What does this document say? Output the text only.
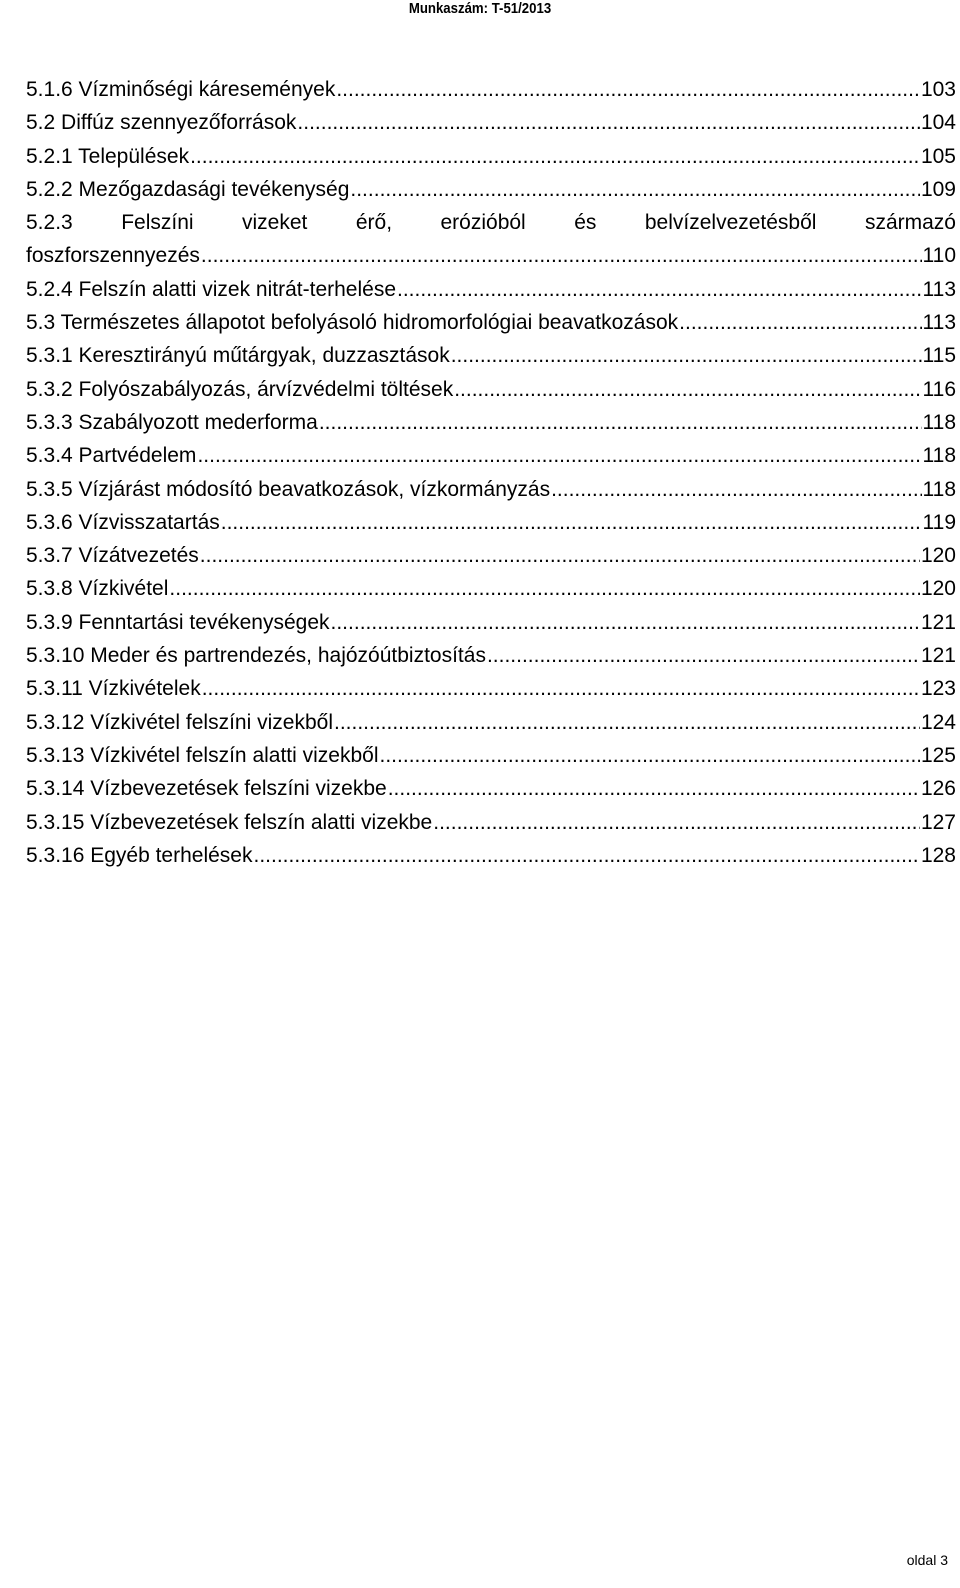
Munkaszám: T-51/2013
5.1.6 Vízminőségi káresemények .....	103
5.2 Diffúz szennyezőforrások .....	104
5.2.1 Települések .....	105
5.2.2 Mezőgazdasági tevékenység .....	109
5.2.3 Felszíni vizeket érő, erózióból és belvízelvezetésből származó
foszforszennyezés .....	110
5.2.4 Felszín alatti vizek nitrát-terhelése .....	113
5.3 Természetes állapotot befolyásoló hidromorfológiai beavatkozások .....	113
5.3.1 Keresztirányú műtárgyak, duzzasztások .....	115
5.3.2 Folyószabályozás, árvízvédelmi töltések .....	116
5.3.3 Szabályozott mederforma .....	118
5.3.4 Partvédelem .....	118
5.3.5 Vízjárást módosító beavatkozások, vízkormányzás .....	118
5.3.6 Vízvisszatartás .....	119
5.3.7 Vízátvezetés .....	120
5.3.8 Vízkivétel .....	120
5.3.9 Fenntartási tevékenységek .....	121
5.3.10 Meder és partrendezés, hajózóútbiztosítás .....	121
5.3.11 Vízkivételek .....	123
5.3.12 Vízkivétel felszíni vizekből .....	124
5.3.13 Vízkivétel felszín alatti vizekből .....	125
5.3.14 Vízbevezetések felszíni vizekbe .....	126
5.3.15 Vízbevezetések felszín alatti vizekbe .....	127
5.3.16 Egyéb terhelések .....	128
oldal 3
